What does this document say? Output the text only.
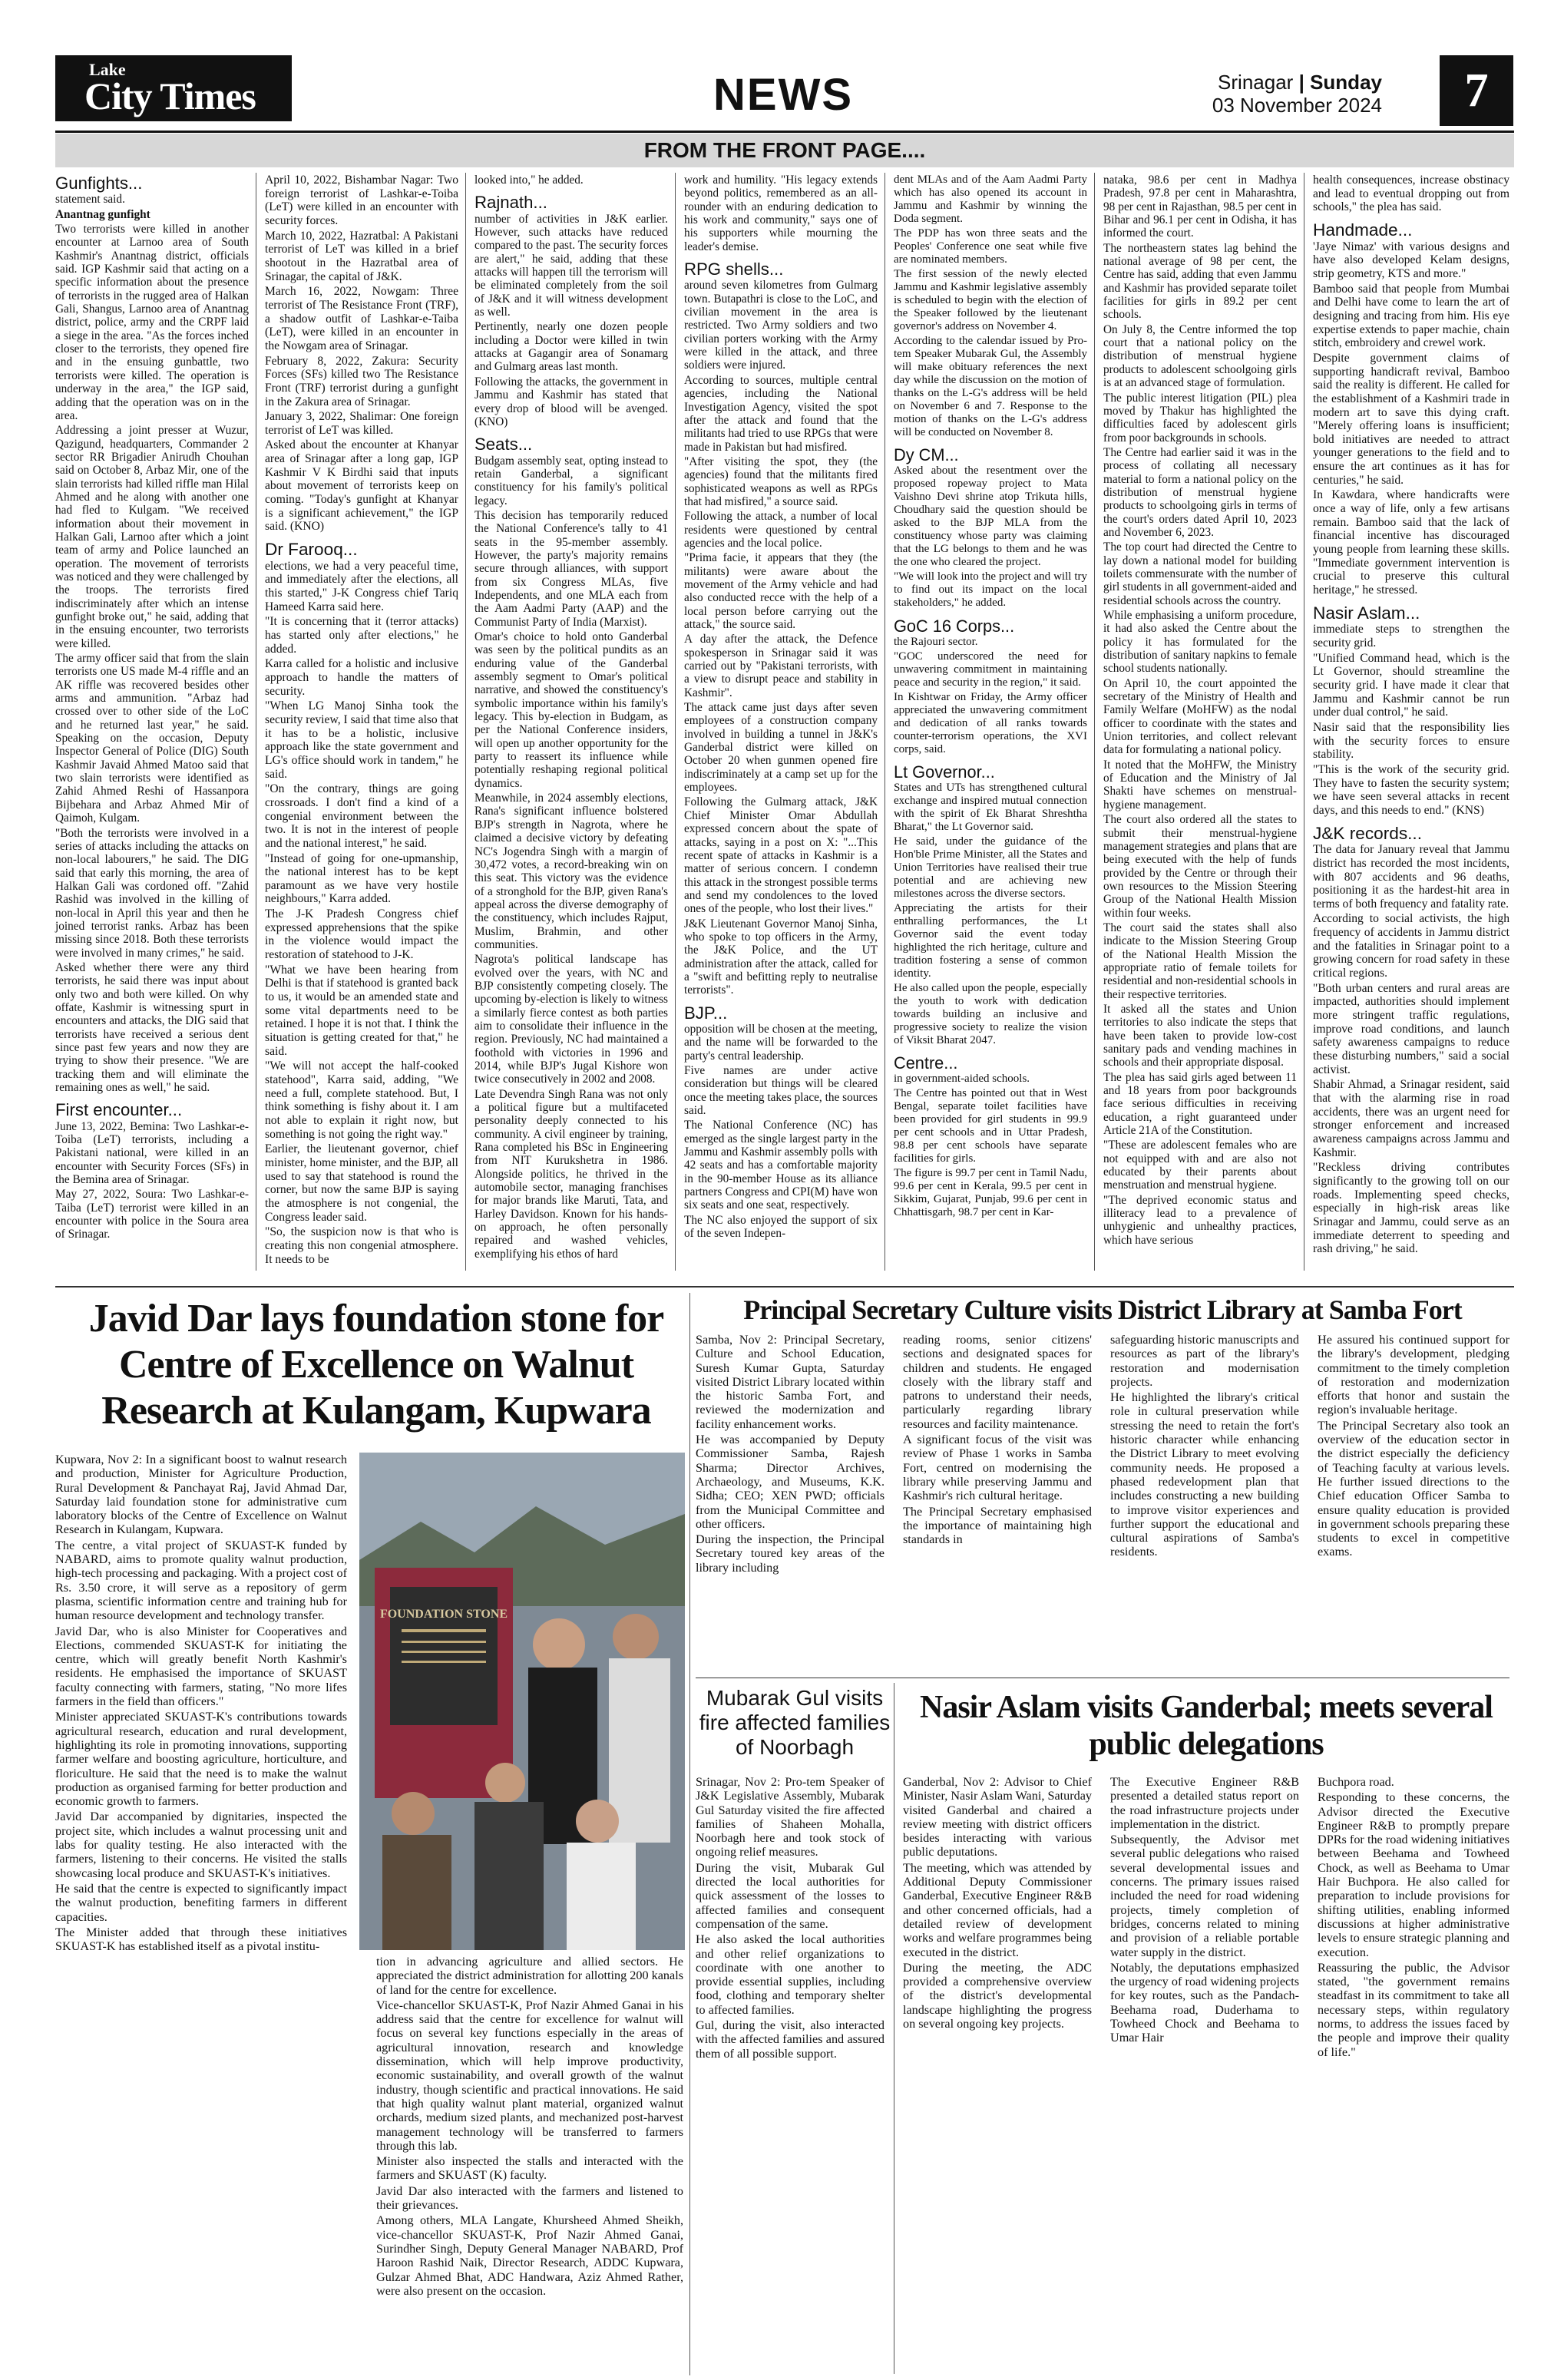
Lake
City Times	NEWS	Srinagar | Sunday
03 November 2024	7
FROM THE FRONT PAGE....
Gunfights...

statement said.

Anantnag gunfight

Two terrorists were killed in another encounter at Larnoo area of South Kashmir's Anantnag district, officials said. IGP Kashmir said that acting on a specific information about the presence of terrorists in the rugged area of Halkan Gali, Shangus, Larnoo area of Anantnag district, police, army and the CRPF laid a siege in the area. "As the forces inched closer to the terrorists, they opened fire and in the ensuing gunbattle, two terrorists were killed. The operation is underway in the area," the IGP said, adding that the operation was on in the area.

Addressing a joint presser at Wuzur, Qazigund, headquarters, Commander 2 sector RR Brigadier Anirudh Chouhan said on October 8, Arbaz Mir, one of the slain terrorists had killed riffle man Hilal Ahmed and he along with another one had fled to Kulgam. "We received information about their movement in Halkan Gali, Larnoo after which a joint team of army and Police launched an operation. The movement of terrorists was noticed and they were challenged by the troops. The terrorists fired indiscriminately after which an intense gunfight broke out," he said, adding that in the ensuing encounter, two terrorists were killed.

The army officer said that from the slain terrorists one US made M-4 riffle and an AK riffle was recovered besides other arms and ammunition. "Arbaz had crossed over to other side of the LoC and he returned last year," he said. Speaking on the occasion, Deputy Inspector General of Police (DIG) South Kashmir Javaid Ahmed Matoo said that two slain terrorists were identified as Zahid Ahmed Reshi of Hassanpora Bijbehara and Arbaz Ahmed Mir of Qaimoh, Kulgam.

"Both the terrorists were involved in a series of attacks including the attacks on non-local labourers," he said. The DIG said that early this morning, the area of Halkan Gali was cordoned off. "Zahid Rashid was involved in the killing of non-local in April this year and then he joined terrorist ranks. Arbaz has been missing since 2018. Both these terrorists were involved in many crimes," he said.

Asked whether there were any third terrorists, he said there was input about only two and both were killed. On why offate, Kashmir is witnessing spurt in encounters and attacks, the DIG said that terrorists have received a serious dent since past few years and now they are trying to show their presence. "We are tracking them and will eliminate the remaining ones as well," he said.

First encounter...

June 13, 2022, Bemina: Two Lashkar-e-Toiba (LeT) terrorists, including a Pakistani national, were killed in an encounter with Security Forces (SFs) in the Bemina area of Srinagar.

May 27, 2022, Soura: Two Lashkar-e-Taiba (LeT) terrorist were killed in an encounter with police in the Soura area of Srinagar.

April 10, 2022, Bishambar Nagar: Two foreign terrorist of Lashkar-e-Toiba (LeT) were killed in an encounter with security forces.

March 10, 2022, Hazratbal: A Pakistani terrorist of LeT was killed in a brief shootout in the Hazratbal area of Srinagar, the capital of J&K.

March 16, 2022, Nowgam: Three terrorist of The Resistance Front (TRF), a shadow outfit of Lashkar-e-Taiba (LeT), were killed in an encounter in the Nowgam area of Srinagar.

February 8, 2022, Zakura: Security Forces (SFs) killed two The Resistance Front (TRF) terrorist during a gunfight in the Zakura area of Srinagar.

January 3, 2022, Shalimar: One foreign terrorist of LeT was killed.

Asked about the encounter at Khanyar area of Srinagar after a long gap, IGP Kashmir V K Birdhi said that inputs about movement of terrorists keep on coming. "Today's gunfight at Khanyar is a significant achievement," the IGP said. (KNO)

Dr Farooq...

elections, we had a very peaceful time, and immediately after the elections, all this started," J-K Congress chief Tariq Hameed Karra said here.

"It is concerning that it (terror attacks) has started only after elections," he added.

Karra called for a holistic and inclusive approach to handle the matters of security.

"When LG Manoj Sinha took the security review, I said that time also that it has to be a holistic, inclusive approach like the state government and LG's office should work in tandem," he said.

"On the contrary, things are going crossroads. I don't find a kind of a congenial environment between the two. It is not in the interest of people and the national interest," he said.

"Instead of going for one-upmanship, the national interest has to be kept paramount as we have very hostile neighbours," Karra added.

The J-K Pradesh Congress chief expressed apprehensions that the spike in the violence would impact the restoration of statehood to J-K.

"What we have been hearing from Delhi is that if statehood is granted back to us, it would be an amended state and some vital departments need to be retained. I hope it is not that. I think the situation is getting created for that," he said.

"We will not accept the half-cooked statehood", Karra said, adding, "We need a full, complete statehood. But, I think something is fishy about it. I am not able to explain it right now, but something is not going the right way."

Earlier, the lieutenant governor, chief minister, home minister, and the BJP, all used to say that statehood is round the corner, but now the same BJP is saying the atmosphere is not congenial, the Congress leader said.

"So, the suspicion now is that who is creating this non congenial atmosphere. It needs to be

looked into," he added.

Rajnath...

number of activities in J&K earlier. However, such attacks have reduced compared to the past. The security forces are alert," he said, adding that these attacks will happen till the terrorism will be eliminated completely from the soil of J&K and it will witness development as well.

Pertinently, nearly one dozen people including a Doctor were killed in twin attacks at Gagangir area of Sonamarg and Gulmarg areas last month.

Following the attacks, the government in Jammu and Kashmir has stated that every drop of blood will be avenged. (KNO)

Seats...

Budgam assembly seat, opting instead to retain Ganderbal, a significant constituency for his family's political legacy.

This decision has temporarily reduced the National Conference's tally to 41 seats in the 95-member assembly. However, the party's majority remains secure through alliances, with support from six Congress MLAs, five Independents, and one MLA each from the Aam Aadmi Party (AAP) and the Communist Party of India (Marxist).

Omar's choice to hold onto Ganderbal was seen by the political pundits as an enduring value of the Ganderbal assembly segment to Omar's political narrative, and showed the constituency's symbolic importance within his family's legacy. This by-election in Budgam, as per the National Conference insiders, will open up another opportunity for the party to reassert its influence while potentially reshaping regional political dynamics.

Meanwhile, in 2024 assembly elections, Rana's significant influence bolstered BJP's strength in Nagrota, where he claimed a decisive victory by defeating NC's Jogendra Singh with a margin of 30,472 votes, a record-breaking win on this seat. This victory was the evidence of a stronghold for the BJP, given Rana's appeal across the diverse demography of the constituency, which includes Rajput, Muslim, Brahmin, and other communities.

Nagrota's political landscape has evolved over the years, with NC and BJP consistently competing closely. The upcoming by-election is likely to witness a similarly fierce contest as both parties aim to consolidate their influence in the region. Previously, NC had maintained a foothold with victories in 1996 and 2014, while BJP's Jugal Kishore won twice consecutively in 2002 and 2008.

Late Devendra Singh Rana was not only a political figure but a multifaceted personality deeply connected to his community. A civil engineer by training, Rana completed his BSc in Engineering from NIT Kurukshetra in 1986. Alongside politics, he thrived in the automobile sector, managing franchises for major brands like Maruti, Tata, and Harley Davidson. Known for his hands-on approach, he often personally repaired and washed vehicles, exemplifying his ethos of hard

work and humility. "His legacy extends beyond politics, remembered as an all-rounder with an enduring dedication to his work and community," says one of his supporters while mourning the leader's demise.

RPG shells...

around seven kilometres from Gulmarg town. Butapathri is close to the LoC, and civilian movement in the area is restricted. Two Army soldiers and two civilian porters working with the Army were killed in the attack, and three soldiers were injured.

According to sources, multiple central agencies, including the National Investigation Agency, visited the spot after the attack and found that the militants had tried to use RPGs that were made in Pakistan but had misfired.

"After visiting the spot, they (the agencies) found that the militants fired sophisticated weapons as well as RPGs that had misfired," a source said.

Following the attack, a number of local residents were questioned by central agencies and the local police.

"Prima facie, it appears that they (the militants) were aware about the movement of the Army vehicle and had also conducted recce with the help of a local person before carrying out the attack," the source said.

A day after the attack, the Defence spokesperson in Srinagar said it was carried out by "Pakistani terrorists, with a view to disrupt peace and stability in Kashmir".

The attack came just days after seven employees of a construction company involved in building a tunnel in J&K's Ganderbal district were killed on October 20 when gunmen opened fire indiscriminately at a camp set up for the employees.

Following the Gulmarg attack, J&K Chief Minister Omar Abdullah expressed concern about the spate of attacks, saying in a post on X: "...This recent spate of attacks in Kashmir is a matter of serious concern. I condemn this attack in the strongest possible terms and send my condolences to the loved ones of the people, who lost their lives."

J&K Lieutenant Governor Manoj Sinha, who spoke to top officers in the Army, the J&K Police, and the UT administration after the attack, called for a "swift and befitting reply to neutralise terrorists".

BJP...

opposition will be chosen at the meeting, and the name will be forwarded to the party's central leadership.

Five names are under active consideration but things will be cleared once the meeting takes place, the sources said.

The National Conference (NC) has emerged as the single largest party in the Jammu and Kashmir assembly polls with 42 seats and has a comfortable majority in the 90-member House as its alliance partners Congress and CPI(M) have won six seats and one seat, respectively.

The NC also enjoyed the support of six of the seven Indepen-

dent MLAs and of the Aam Aadmi Party which has also opened its account in Jammu and Kashmir by winning the Doda segment.

The PDP has won three seats and the Peoples' Conference one seat while five are nominated members.

The first session of the newly elected Jammu and Kashmir legislative assembly is scheduled to begin with the election of the Speaker followed by the lieutenant governor's address on November 4.

According to the calendar issued by Pro-tem Speaker Mubarak Gul, the Assembly will make obituary references the next day while the discussion on the motion of thanks on the L-G's address will be held on November 6 and 7. Response to the motion of thanks on the L-G's address will be conducted on November 8.

Dy CM...

Asked about the resentment over the proposed ropeway project to Mata Vaishno Devi shrine atop Trikuta hills, Choudhary said the question should be asked to the BJP MLA from the constituency whose party was claiming that the LG belongs to them and he was the one who cleared the project.

"We will look into the project and will try to find out its impact on the local stakeholders," he added.

GoC 16 Corps...

the Rajouri sector.

"GOC underscored the need for unwavering commitment in maintaining peace and security in the region," it said.

In Kishtwar on Friday, the Army officer appreciated the unwavering commitment and dedication of all ranks towards counter-terrorism operations, the XVI corps, said.

Lt Governor...

States and UTs has strengthened cultural exchange and inspired mutual connection with the spirit of Ek Bharat Shreshtha Bharat," the Lt Governor said.

He said, under the guidance of the Hon'ble Prime Minister, all the States and Union Territories have realised their true potential and are achieving new milestones across the diverse sectors.

Appreciating the artists for their enthralling performances, the Lt Governor said the event today highlighted the rich heritage, culture and tradition fostering a sense of common identity.

He also called upon the people, especially the youth to work with dedication towards building an inclusive and progressive society to realize the vision of Viksit Bharat 2047.

Centre...

in government-aided schools.

The Centre has pointed out that in West Bengal, separate toilet facilities have been provided for girl students in 99.9 per cent schools and in Uttar Pradesh, 98.8 per cent schools have separate facilities for girls.

The figure is 99.7 per cent in Tamil Nadu, 99.6 per cent in Kerala, 99.5 per cent in Sikkim, Gujarat, Punjab, 99.6 per cent in Chhattisgarh, 98.7 per cent in Kar-

nataka, 98.6 per cent in Madhya Pradesh, 97.8 per cent in Maharashtra, 98 per cent in Rajasthan, 98.5 per cent in Bihar and 96.1 per cent in Odisha, it has informed the court.

The northeastern states lag behind the national average of 98 per cent, the Centre has said, adding that even Jammu and Kashmir has provided separate toilet facilities for girls in 89.2 per cent schools.

On July 8, the Centre informed the top court that a national policy on the distribution of menstrual hygiene products to adolescent schoolgoing girls is at an advanced stage of formulation.

The public interest litigation (PIL) plea moved by Thakur has highlighted the difficulties faced by adolescent girls from poor backgrounds in schools.

The Centre had earlier said it was in the process of collating all necessary material to form a national policy on the distribution of menstrual hygiene products to schoolgoing girls in terms of the court's orders dated April 10, 2023 and November 6, 2023.

The top court had directed the Centre to lay down a national model for building toilets commensurate with the number of girl students in all government-aided and residential schools across the country.

While emphasising a uniform procedure, it had also asked the Centre about the policy it has formulated for the distribution of sanitary napkins to female school students nationally.

On April 10, the court appointed the secretary of the Ministry of Health and Family Welfare (MoHFW) as the nodal officer to coordinate with the states and Union territories, and collect relevant data for formulating a national policy.

It noted that the MoHFW, the Ministry of Education and the Ministry of Jal Shakti have schemes on menstrual-hygiene management.

The court also ordered all the states to submit their menstrual-hygiene management strategies and plans that are being executed with the help of funds provided by the Centre or through their own resources to the Mission Steering Group of the National Health Mission within four weeks.

The court said the states shall also indicate to the Mission Steering Group of the National Health Mission the appropriate ratio of female toilets for residential and non-residential schools in their respective territories.

It asked all the states and Union territories to also indicate the steps that have been taken to provide low-cost sanitary pads and vending machines in schools and their appropriate disposal.

The plea has said girls aged between 11 and 18 years from poor backgrounds face serious difficulties in receiving education, a right guaranteed under Article 21A of the Constitution.

"These are adolescent females who are not equipped with and are also not educated by their parents about menstruation and menstrual hygiene.

"The deprived economic status and illiteracy lead to a prevalence of unhygienic and unhealthy practices, which have serious

health consequences, increase obstinacy and lead to eventual dropping out from schools," the plea has said.

Handmade...

'Jaye Nimaz' with various designs and have also developed Kelam designs, strip geometry, KTS and more."

Bamboo said that people from Mumbai and Delhi have come to learn the art of designing and tracing from him. His eye expertise extends to paper machie, chain stitch, embroidery and crewel work.

Despite government claims of supporting handicraft revival, Bamboo said the reality is different. He called for the establishment of a Kashmiri trade in modern art to save this dying craft. "Merely offering loans is insufficient; bold initiatives are needed to attract younger generations to the field and to ensure the art continues as it has for centuries," he said.

In Kawdara, where handicrafts were once a way of life, only a few artisans remain. Bamboo said that the lack of financial incentive has discouraged young people from learning these skills. "Immediate government intervention is crucial to preserve this cultural heritage," he stressed.

Nasir Aslam...

immediate steps to strengthen the security grid.

"Unified Command head, which is the Lt Governor, should streamline the security grid. I have made it clear that Jammu and Kashmir cannot be run under dual control," he said.

Nasir said that the responsibility lies with the security forces to ensure stability.

"This is the work of the security grid. They have to fasten the security system; we have seen several attacks in recent days, and this needs to end." (KNS)

J&K records...

The data for January reveal that Jammu district has recorded the most incidents, with 807 accidents and 96 deaths, positioning it as the hardest-hit area in terms of both frequency and fatality rate.

According to social activists, the high frequency of accidents in Jammu district and the fatalities in Srinagar point to a growing concern for road safety in these critical regions.

"Both urban centers and rural areas are impacted, authorities should implement more stringent traffic regulations, improve road conditions, and launch safety awareness campaigns to reduce these disturbing numbers," said a social activist.

Shabir Ahmad, a Srinagar resident, said that with the alarming rise in road accidents, there was an urgent need for stronger enforcement and increased awareness campaigns across Jammu and Kashmir.

"Reckless driving contributes significantly to the growing toll on our roads. Implementing speed checks, especially in high-risk areas like Srinagar and Jammu, could serve as an immediate deterrent to speeding and rash driving," he said.

Javid Dar lays foundation stone for Centre of Excellence on Walnut Research at Kulangam, Kupwara

Kupwara, Nov 2: In a significant boost to walnut research and production, Minister for Agriculture Production, Rural Development & Panchayat Raj, Javid Ahmad Dar, Saturday laid foundation stone for administrative cum laboratory blocks of the Centre of Excellence on Walnut Research in Kulangam, Kupwara.

The centre, a vital project of SKUAST-K funded by NABARD, aims to promote quality walnut production, high-tech processing and packaging. With a project cost of Rs. 3.50 crore, it will serve as a repository of germ plasma, scientific information centre and training hub for human resource development and technology transfer.

Javid Dar, who is also Minister for Cooperatives and Elections, commended SKUAST-K for initiating the centre, which will greatly benefit North Kashmir's residents. He emphasised the importance of SKUAST faculty connecting with farmers, stating, "No more lifes farmers in the field than officers."

Minister appreciated SKUAST-K's contributions towards agricultural research, education and rural development, highlighting its role in promoting innovations, supporting farmer welfare and boosting agriculture, horticulture, and floriculture. He said that the need is to make the walnut production as organised farming for better production and economic growth to farmers.

Javid Dar accompanied by dignitaries, inspected the project site, which includes a walnut processing unit and labs for quality testing. He also interacted with the farmers, listening to their concerns. He visited the stalls showcasing local produce and SKUAST-K's initiatives.

He said that the centre is expected to significantly impact the walnut production, benefiting farmers in different capacities.

The Minister added that through these initiatives SKUAST-K has established itself as a pivotal institu-

FOUNDATION STONE

tion in advancing agriculture and allied sectors. He appreciated the district administration for allotting 200 kanals of land for the centre for excellence.

Vice-chancellor SKUAST-K, Prof Nazir Ahmed Ganai in his address said that the centre for excellence for walnut will focus on several key functions especially in the areas of agricultural innovation, research and knowledge dissemination, which will help improve productivity, economic sustainability, and overall growth of the walnut industry, though scientific and practical innovations. He said that high quality walnut plant material, organized walnut orchards, medium sized plants, and mechanized post-harvest management technology will be transferred to farmers through this lab.

Minister also inspected the stalls and interacted with the farmers and SKUAST (K) faculty.

Javid Dar also interacted with the farmers and listened to their grievances.

Among others, MLA Langate, Khursheed Ahmed Sheikh, vice-chancellor SKUAST-K, Prof Nazir Ahmed Ganai, Surindher Singh, Deputy General Manager NABARD, Prof Haroon Rashid Naik, Director Research, ADDC Kupwara, Gulzar Ahmed Bhat, ADC Handwara, Aziz Ahmed Rather, were also present on the occasion.

Principal Secretary Culture visits District Library at Samba Fort

Samba, Nov 2: Principal Secretary, Culture and School Education, Suresh Kumar Gupta, Saturday visited District Library located within the historic Samba Fort, and reviewed the modernization and facility enhancement works.

He was accompanied by Deputy Commissioner Samba, Rajesh Sharma; Director Archives, Archaeology, and Museums, K.K. Sidha; CEO; XEN PWD; officials from the Municipal Committee and other officers.

During the inspection, the Principal Secretary toured key areas of the library including

reading rooms, senior citizens' sections and designated spaces for children and students. He engaged closely with the library staff and patrons to understand their needs, particularly regarding library resources and facility maintenance.

A significant focus of the visit was review of Phase 1 works in Samba Fort, centred on modernising the library while preserving Jammu and Kashmir's rich cultural heritage.

The Principal Secretary emphasised the importance of maintaining high standards in

safeguarding historic manuscripts and resources as part of the library's restoration and modernisation projects.

He highlighted the library's critical role in cultural preservation while stressing the need to retain the fort's historic character while enhancing the District Library to meet evolving community needs. He proposed a phased redevelopment plan that includes constructing a new building to improve visitor experiences and further support the educational and cultural aspirations of Samba's residents.

He assured his continued support for the library's development, pledging commitment to the timely completion of restoration and modernization efforts that honor and sustain the region's invaluable heritage.

The Principal Secretary also took an overview of the education sector in the district especially the deficiency of Teaching faculty at various levels. He further issued directions to the Chief education Officer Samba to ensure quality education is provided in government schools preparing these students to excel in competitive exams.

Mubarak Gul visits fire affected families of Noorbagh

Srinagar, Nov 2: Pro-tem Speaker of J&K Legislative Assembly, Mubarak Gul Saturday visited the fire affected families of Shaheen Mohalla, Noorbagh here and took stock of ongoing relief measures.

During the visit, Mubarak Gul directed the local authorities for quick assessment of the losses to affected families and consequent compensation of the same.

He also asked the local authorities and other relief organizations to coordinate with one another to provide essential supplies, including food, clothing and temporary shelter to affected families.

Gul, during the visit, also interacted with the affected families and assured them of all possible support.

Nasir Aslam visits Ganderbal; meets several public delegations

Ganderbal, Nov 2: Advisor to Chief Minister, Nasir Aslam Wani, Saturday visited Ganderbal and chaired a review meeting with district officers besides interacting with various public deputations.

The meeting, which was attended by Additional Deputy Commissioner Ganderbal, Executive Engineer R&B and other concerned officials, had a detailed review of development works and welfare programmes being executed in the district.

During the meeting, the ADC provided a comprehensive overview of the district's developmental landscape highlighting the progress on several ongoing key projects.

The Executive Engineer R&B presented a detailed status report on the road infrastructure projects under implementation in the district.

Subsequently, the Advisor met several public delegations who raised several developmental issues and concerns. The primary issues raised included the need for road widening projects, timely completion of bridges, concerns related to mining and provision of a reliable portable water supply in the district.

Notably, the deputations emphasized the urgency of road widening projects for key routes, such as the Pandach-Beehama road, Duderhama to Towheed Chock and Beehama to Umar Hair

Buchpora road.

Responding to these concerns, the Advisor directed the Executive Engineer R&B to promptly prepare DPRs for the road widening initiatives between Beehama and Towheed Chock, as well as Beehama to Umar Hair Buchpora. He also called for preparation to include provisions for shifting utilities, enabling informed discussions at higher administrative levels to ensure strategic planning and execution.

Reassuring the public, the Advisor stated, "the government remains steadfast in its commitment to take all necessary steps, within regulatory norms, to address the issues faced by the people and improve their quality of life."
